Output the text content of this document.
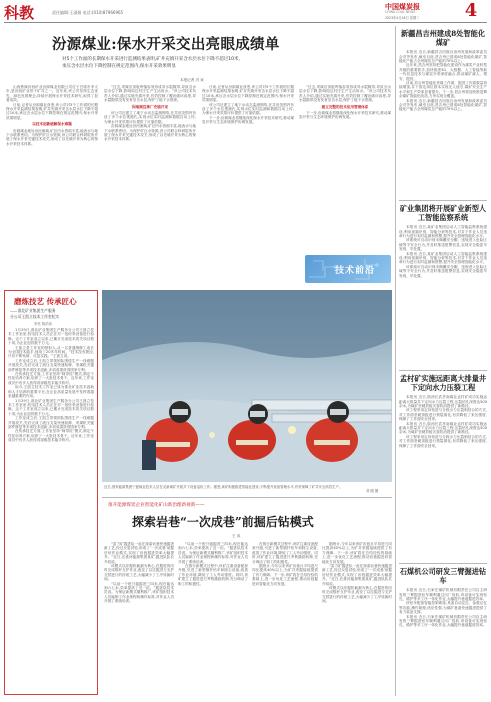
科教	责任编辑:王淑娟 电话:(010)87966965
中国煤炭报
CHINA COAL NEWS
2023年4月18日 星期二	4
汾源煤业:保水开采交出亮眼成绩单
对5个工作面的长期保水开采进行监测结果表明,矿井充填开采含水层水位下降不超过10米,
承压含水层水位下降控制在规定范围内,保水开采效果明显
本报记者 冯 寅

山西焦煤汾西矿业汾源煤业有限公司位于吕梁市孝义市,是汾西矿业骨干矿井之一。近年来,该公司坚持生态优先、绿色发展理念,持续开展保水开采技术研究,取得了显著成效。

日前,记者从汾源煤业获悉,该公司对5个工作面的长期保水开采监测结果表明,矿井充填开采含水层水位下降不超过10米,承压含水层水位下降控制在规定范围内,保水开采效果明显。

以技术创新破解保水难题

汾源煤业地处汾河流域,矿区内水资源丰富,地表水与地下水联系密切。为保护矿区水资源,该公司联合科研院所开展了保水开采关键技术攻关,形成了以充填开采为核心的保水开采技术体系。

“过去,采煤后顶板垮落容易形成导水裂隙带,导致含水层水位下降,影响周边村庄生产生活用水。”该公司技术负责人介绍,通过实施充填开采,有效控制了覆岩破坏高度,导水裂隙带没有发育至含水层,保护了地下水资源。

因地制宜推广充填开采

该公司还建立了地下水动态监测网络,在井田范围内布设了多个水位观测孔,实现水位实时监测和数据自动上传,为保水开采效果评价提供了可靠依据。

汾源煤业地处汾河流域,矿区内水资源丰富,地表水与地下水联系密切。为保护矿区水资源,该公司联合科研院所开展了保水开采关键技术攻关,形成了以充填开采为核心的保水开采技术体系。

日前,记者从汾源煤业获悉,该公司对5个工作面的长期保水开采监测结果表明,矿井充填开采含水层水位下降不超过10米,承压含水层水位下降控制在规定范围内,保水开采效果明显。

该公司还建立了地下水动态监测网络,在井田范围内布设了多个水位观测孔,实现水位实时监测和数据自动上传,为保水开采效果评价提供了可靠依据。

下一步,汾源煤业将继续深化保水开采技术研究,推动煤炭开采与生态环境保护协调发展。

“过去,采煤后顶板垮落容易形成导水裂隙带,导致含水层水位下降,影响周边村庄生产生活用水。”该公司技术负责人介绍,通过实施充填开采,有效控制了覆岩破坏高度,导水裂隙带没有发育至含水层,保护了地下水资源。

建立完整的技术应用管理体系

下一步,汾源煤业将继续深化保水开采技术研究,推动煤炭开采与生态环境保护协调发展。

技术前沿
磨炼技艺 传承匠心
——淮北矿业集团生产服务
分公司王凯立技术工作室纪实
李亮 陈浩伟

1月29日,淮北矿业集团生产服务分公司王凯立技术工作室里,机电技术人员正在对一批综采设备进行检修。这个工作室成立以来,已累计完成技术攻关项目数十项,为企业创效数千万元。

王凯立是工作室的领衔人,从一名普通维修工成长为全国技术能手,他用了20多年时间。“技术没有捷径,只有不断钻研、反复实践。”王凯立说。

工作室成立后,王凯立带领团队围绕生产一线难题开展攻关,先后完成了液压支架快速检修、采煤机关键部件修复等多项技术创新,多项成果获得国家专利。

在传承技艺方面,工作室坚持“师带徒”模式,制定个性化培养方案,培养了一大批技术骨干。近年来,工作室成员中有多人获得省部级技术能手称号。

如今,王凯立技术工作室已成为淮北矿业技术创新和人才培养的重要平台,在企业高质量发展中发挥着越来越重要的作用。

1月29日,淮北矿业集团生产服务分公司王凯立技术工作室里,机电技术人员正在对一批综采设备进行检修。这个工作室成立以来,已累计完成技术攻关项目数十项,为企业创效数千万元。

工作室成立后,王凯立带领团队围绕生产一线难题开展攻关,先后完成了液压支架快速检修、采煤机关键部件修复等多项技术创新,多项成果获得国家专利。

在传承技艺方面,工作室坚持“师带徒”模式,制定个性化培养方案,培养了一大批技术骨干。近年来,工作室成员中有多人获得省部级技术能手称号。

近日,国家能源集团宁夏煤业技术人员在灵新煤矿开展井下设备巡检工作。据悉,该矿积极推进智能化建设,不断提升设备管理水平,有效保障了矿井安全高效生产。
刘 刚 摄
推开能源煤炭企业智能化矿山新治理新视新——
探索岩巷“一次成巷”前掘后钻模式
王 凤

“富力矿掘进队一直在探索岩巷快速掘进新工艺,经过反复试验,形成了‘一次成巷’前掘后钻作业模式,实现了岩巷掘进效率大幅提升。”近日,在淮河能源集团某矿,掘进队队长介绍说。

该模式以综掘机截割为核心,在掘进的同时完成锚杆支护作业,改变了以往掘进与支护交替进行的传统工艺,大幅减少了工序转换时间。

“以前一个班只能掘进三四米,现在能达到六七米,效率提高了近一倍。”掘进队技术员说。为保证新模式顺利推广,该矿组织技术人员编制了作业规程和操作标准,对作业人员开展了系统培训。

“以前一个班只能掘进三四米,现在能达到六七米,效率提高了近一倍。”掘进队技术员说。为保证新模式顺利推广,该矿组织技术人员编制了作业规程和操作标准,对作业人员开展了系统培训。

在推行新模式过程中,该矿注重设备配套升级,引进了新型锚杆钻车和除尘设备,改善了作业环境,降低了工人劳动强度。同时,该矿建立了掘进进尺考核激励机制,充分调动了职工的积极性。

在推行新模式过程中,该矿注重设备配套升级,引进了新型锚杆钻车和除尘设备,改善了作业环境,降低了工人劳动强度。同时,该矿建立了掘进进尺考核激励机制,充分调动了职工的积极性。

据统计,今年以来该矿岩巷月平均进尺同比提高40%以上,为矿井采掘接续提供了有力保障。下一步,该矿将在总结经验的基础上,进一步优化工艺流程,推动岩巷掘进向智能化方向发展。

据统计,今年以来该矿岩巷月平均进尺同比提高40%以上,为矿井采掘接续提供了有力保障。下一步,该矿将在总结经验的基础上,进一步优化工艺流程,推动岩巷掘进向智能化方向发展。

“富力矿掘进队一直在探索岩巷快速掘进新工艺,经过反复试验,形成了‘一次成巷’前掘后钻作业模式,实现了岩巷掘进效率大幅提升。”近日,在淮河能源集团某矿,掘进队队长介绍说。

该模式以综掘机截割为核心,在掘进的同时完成锚杆支护作业,改变了以往掘进与支护交替进行的传统工艺,大幅减少了工序转换时间。

新疆昌吉州建成8处智能化煤矿

本报讯 近日,新疆昌吉回族自治州发展和改革委员会对外发布,截至目前,昌吉州已建成8处智能化煤矿,智能化产能占全州煤炭总产能的70%以上。

近年来,昌吉州坚持把智能化建设作为煤炭产业转型升级的重要抓手,加快推进5G、大数据、人工智能等新一代信息技术与煤炭开采深度融合,推动煤矿减人、增安、提效。

目前,昌吉州智能化采煤工作面、掘进工作面数量持续增加,井下固定岗位基本实现无人值守,煤矿安全生产水平和生产效率显著提升。下一步,昌吉州将加快推进剩余煤矿智能化改造,力争实现全覆盖。

本报讯 近日,新疆昌吉回族自治州发展和改革委员会对外发布,截至目前,昌吉州已建成8处智能化煤矿,智能化产能占全州煤炭总产能的70%以上。

矿业集团将开展矿业新型人工智能监察系统

本报讯 近日,某矿业集团启动人工智能监察系统建设,利用视频识别、智能分析等技术,对井下作业人员违章行为进行实时监测和预警,提升安全管理智能化水平。

该系统可自动识别未佩戴安全帽、违规进入危险区域等不安全行为,并及时推送报警信息,实现安全隐患早发现、早处置。

本报讯 近日,某矿业集团启动人工智能监察系统建设,利用视频识别、智能分析等技术,对井下作业人员违章行为进行实时监测和预警,提升安全管理智能化水平。

该系统可自动识别未佩戴安全帽、违规进入危险区域等不安全行为,并及时推送报警信息,实现安全隐患早发现、早处置。

孟村矿实施远距离大排量井下定向水力压裂工程

本报讯 近日,陕西长武亭南煤业孟村矿成功实施远距离大排量井下定向水力压裂工程,压裂钻孔深度达500余米,为煤矿坚硬顶板灾害防治提供了新路径。

该工程采用定向钻进与分段水力压裂相结合的方式,对工作面坚硬顶板进行预裂弱化,有效降低了来压强度,保障了工作面安全回采。

本报讯 近日,陕西长武亭南煤业孟村矿成功实施远距离大排量井下定向水力压裂工程,压裂钻孔深度达500余米,为煤矿坚硬顶板灾害防治提供了新路径。

该工程采用定向钻进与分段水力压裂相结合的方式,对工作面坚硬顶板进行预裂弱化,有效降低了来压强度,保障了工作面安全回采。

石煤机公司研发三臂掘进钻车

本报讯 近日,石家庄煤矿机械有限责任公司自主研发的三臂掘进钻车顺利通过出厂验收,该设备可实现钻孔、锚护等多工序一体化作业,大幅提升巷道掘进效率。

该钻车配备智能控制系统,具备自动定位、参数记忆等功能,操作简便,适应性强,为煤矿巷道快速掘进提供了有力装备支撑。

本报讯 近日,石家庄煤矿机械有限责任公司自主研发的三臂掘进钻车顺利通过出厂验收,该设备可实现钻孔、锚护等多工序一体化作业,大幅提升巷道掘进效率。
